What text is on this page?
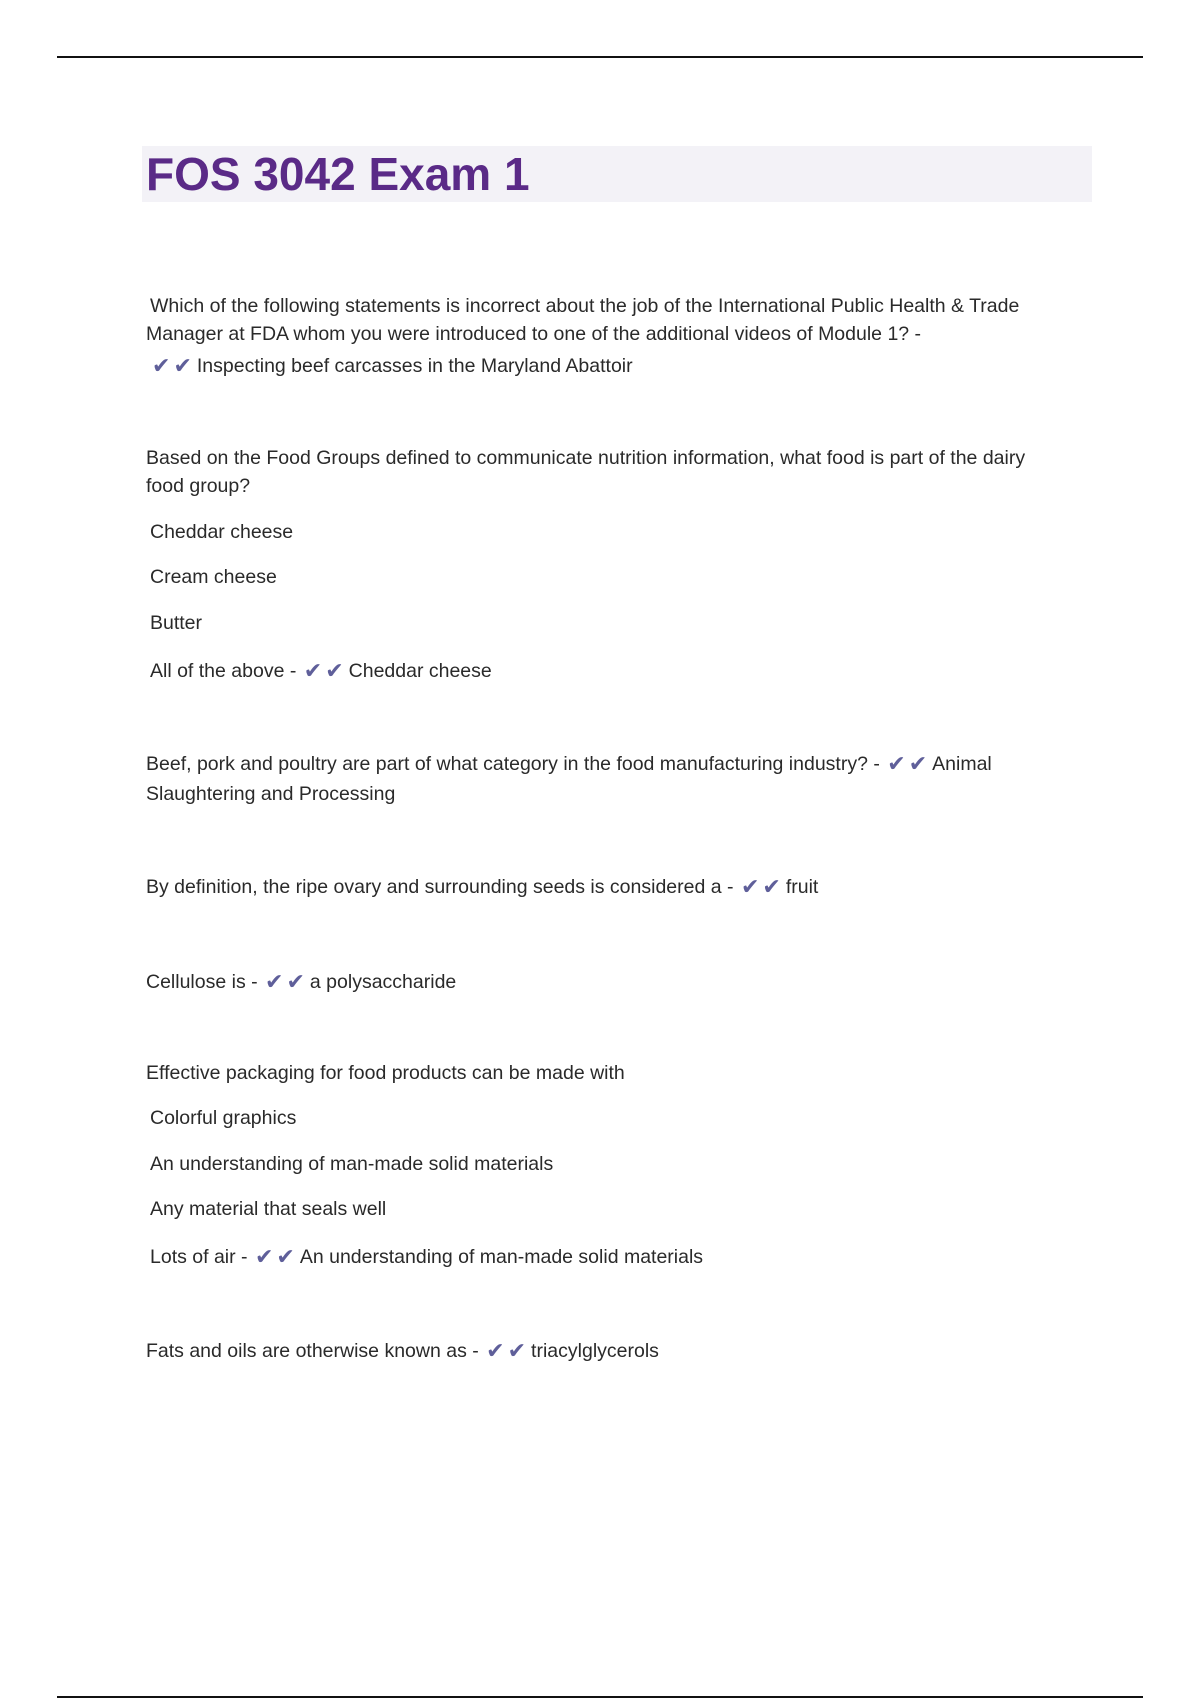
FOS 3042 Exam 1

Which of the following statements is incorrect about the job of the International Public Health & Trade

Manager at FDA whom you were introduced to one of the additional videos of Module 1? -

✔ ✔ Inspecting beef carcasses in the Maryland Abattoir

Based on the Food Groups defined to communicate nutrition information, what food is part of the dairy

food group?

Cheddar cheese

Cream cheese

Butter

All of the above - ✔ ✔ Cheddar cheese

Beef, pork and poultry are part of what category in the food manufacturing industry? - ✔ ✔ Animal

Slaughtering and Processing

By definition, the ripe ovary and surrounding seeds is considered a - ✔ ✔ fruit

Cellulose is - ✔ ✔ a polysaccharide

Effective packaging for food products can be made with

Colorful graphics

An understanding of man-made solid materials

Any material that seals well

Lots of air - ✔ ✔ An understanding of man-made solid materials

Fats and oils are otherwise known as - ✔ ✔ triacylglycerols
